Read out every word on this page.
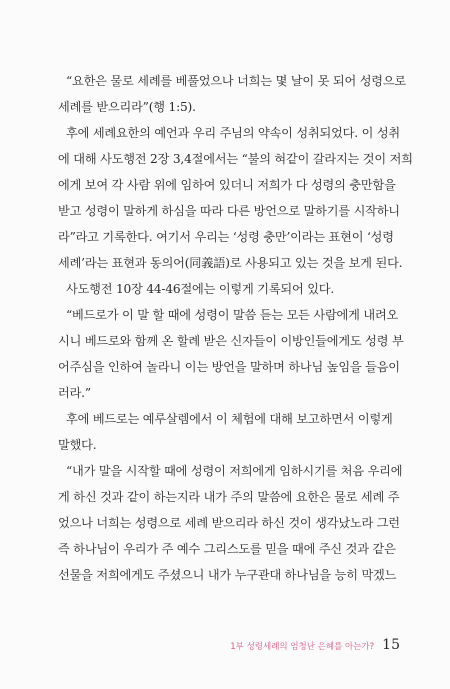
“요한은 물로 세례를 베풀었으나 너희는 몇 날이 못 되어 성령으로
세례를 받으리라”(행 1:5).
후에 세례요한의 예언과 우리 주님의 약속이 성취되었다. 이 성취
에 대해 사도행전 2장 3,4절에서는 “불의 혀같이 갈라지는 것이 저희
에게 보여 각 사람 위에 임하여 있더니 저희가 다 성령의 충만함을
받고 성령이 말하게 하심을 따라 다른 방언으로 말하기를 시작하니
라”라고 기록한다. 여기서 우리는 ‘성령 충만’이라는 표현이 ‘성령
세례’라는 표현과 동의어(同義語)로 사용되고 있는 것을 보게 된다.
사도행전 10장 44-46절에는 이렇게 기록되어 있다.
“베드로가 이 말 할 때에 성령이 말씀 듣는 모든 사람에게 내려오
시니 베드로와 함께 온 할례 받은 신자들이 이방인들에게도 성령 부
어주심을 인하여 놀라니 이는 방언을 말하며 하나님 높임을 들음이
러라.”
후에 베드로는 예루살렘에서 이 체험에 대해 보고하면서 이렇게
말했다.
“내가 말을 시작할 때에 성령이 저희에게 임하시기를 처음 우리에
게 하신 것과 같이 하는지라 내가 주의 말씀에 요한은 물로 세례 주
었으나 너희는 성령으로 세례 받으리라 하신 것이 생각났노라 그런
즉 하나님이 우리가 주 예수 그리스도를 믿을 때에 주신 것과 같은
선물을 저희에게도 주셨으니 내가 누구관대 하나님을 능히 막겠느
1부 성령세례의 엄청난 은혜를 아는가? 15
